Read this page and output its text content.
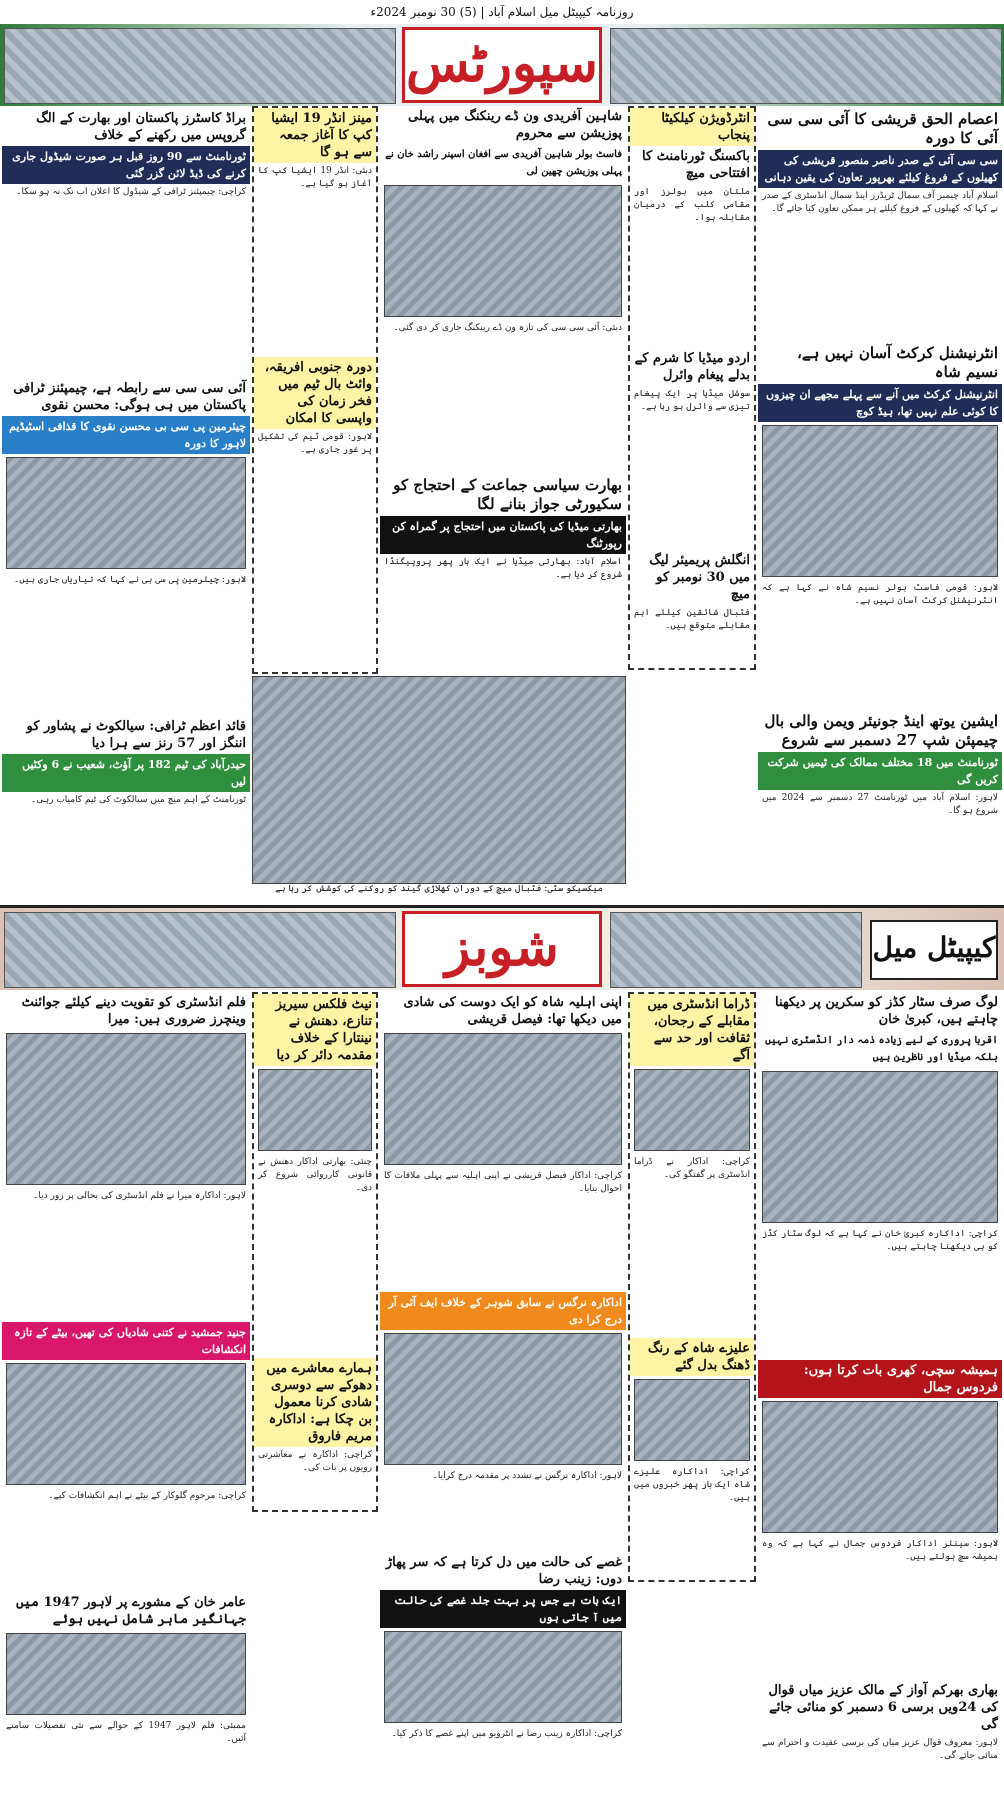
روزنامہ کیپیٹل میل اسلام آباد | (5) 30 نومبر 2024ء
سپورٹس
اعصام الحق قریشی کا آئی سی سی آئی کا دورہ
سی سی آئی کے صدر ناصر منصور قریشی کی کھیلوں کے فروغ کیلئے بھرپور تعاون کی یقین دہانی
اسلام آباد چیمبر آف سمال ٹریڈرز اینڈ سمال انڈسٹری کے صدر نے کہا کہ کھیلوں کے فروغ کیلئے ہر ممکن تعاون کیا جائے گا۔
انٹرنیشنل کرکٹ آسان نہیں ہے، نسیم شاہ
انٹرنیشنل کرکٹ میں آنے سے پہلے مجھے ان چیزوں کا کوئی علم نہیں تھا، ہیڈ کوچ
لاہور: قومی فاسٹ بولر نسیم شاہ نے کہا ہے کہ انٹرنیشنل کرکٹ آسان نہیں ہے۔
ایشین یوتھ اینڈ جونیئر ویمن والی بال چیمپئن شپ 27 دسمبر سے شروع
ٹورنامنٹ میں 18 مختلف ممالک کی ٹیمیں شرکت کریں گی
لاہور: اسلام آباد میں ٹورنامنٹ 27 دسمبر سے 2024 میں شروع ہو گا۔
انٹرڈویژن کیلکیٹا پنجاب
باکسنگ ٹورنامنٹ کا افتتاحی میچ
ملتان میں بولرز اور مقامی کلب کے درمیان مقابلہ ہوا۔
اردو میڈیا کا شرم کے بدلے پیغام وائرل
سوشل میڈیا پر ایک پیغام تیزی سے وائرل ہو رہا ہے۔
انگلش پریمیئر لیگ میں 30 نومبر کو میچ
فٹبال شائقین کیلئے اہم مقابلے متوقع ہیں۔
شاہین آفریدی ون ڈے رینکنگ میں پہلی پوزیشن سے محروم
فاسٹ بولر شاہین آفریدی سے افغان اسپنر راشد خان نے پہلی پوزیشن چھین لی
دبئی: آئی سی سی کی تازہ ون ڈے رینکنگ جاری کر دی گئی۔
بھارت سیاسی جماعت کے احتجاج کو سکیورٹی جواز بنانے لگا
بھارتی میڈیا کی پاکستان میں احتجاج پر گمراہ کن رپورٹنگ
اسلام آباد: بھارتی میڈیا نے ایک بار پھر پروپیگنڈا شروع کر دیا ہے۔
مینز انڈر 19 ایشیا کپ کا آغاز جمعہ سے ہو گا
دبئی: انڈر 19 ایشیا کپ کا آغاز ہو گیا ہے۔
دورہ جنوبی افریقہ، وائٹ بال ٹیم میں فخر زمان کی واپسی کا امکان
لاہور: قومی ٹیم کی تشکیل پر غور جاری ہے۔
براڈ کاسٹرز پاکستان اور بھارت کے الگ گروپس میں رکھنے کے خلاف
ٹورنامنٹ سے 90 روز قبل ہر صورت شیڈول جاری کرنے کی ڈیڈ لائن گزر گئی
کراچی: چیمپئنز ٹرافی کے شیڈول کا اعلان اب تک نہ ہو سکا۔
آئی سی سی سے رابطہ ہے، چیمپئنز ٹرافی پاکستان میں ہی ہوگی: محسن نقوی
چیئرمین پی سی بی محسن نقوی کا قذافی اسٹیڈیم لاہور کا دورہ
لاہور: چیئرمین پی سی بی نے کہا کہ تیاریاں جاری ہیں۔
قائد اعظم ٹرافی: سیالکوٹ نے پشاور کو اننگز اور 57 رنز سے ہرا دیا
حیدرآباد کی ٹیم 182 پر آؤٹ، شعیب نے 6 وکٹیں لیں
ٹورنامنٹ کے اہم میچ میں سیالکوٹ کی ٹیم کامیاب رہی۔
میکسیکو سٹی: فٹبال میچ کے دوران کھلاڑی گیند کو روکنے کی کوشش کر رہا ہے
شوبز	کیپیٹل میل
لوگ صرف سٹار کڈز کو سکرین پر دیکھنا چاہتے ہیں، کبریٰ خان
اقربا پروری کے لیے زیادہ ذمہ دار انڈسٹری نہیں بلکہ میڈیا اور ناظرین ہیں
کراچی: اداکارہ کبریٰ خان نے کہا ہے کہ لوگ سٹار کڈز کو ہی دیکھنا چاہتے ہیں۔
ہمیشہ سچی، کھری بات کرتا ہوں: فردوس جمال
لاہور: سینئر اداکار فردوس جمال نے کہا ہے کہ وہ ہمیشہ سچ بولتے ہیں۔
بھاری بھرکم آواز کے مالک عزیز میاں قوال کی 24ویں برسی 6 دسمبر کو منائی جائے گی
لاہور: معروف قوال عزیز میاں کی برسی عقیدت و احترام سے منائی جائے گی۔
ڈراما انڈسٹری میں مقابلے کے رجحان، ثقافت اور حد سے آگے
کراچی: اداکار نے ڈراما انڈسٹری پر گفتگو کی۔
علیزے شاہ کے رنگ ڈھنگ بدل گئے
کراچی: اداکارہ علیزے شاہ ایک بار پھر خبروں میں ہیں۔
اپنی اہلیہ شاہ کو ایک دوست کی شادی میں دیکھا تھا: فیصل قریشی
کراچی: اداکار فیصل قریشی نے اپنی اہلیہ سے پہلی ملاقات کا احوال بتایا۔
اداکارہ نرگس نے سابق شوہر کے خلاف ایف آئی آر درج کرا دی
لاہور: اداکارہ نرگس نے تشدد پر مقدمہ درج کرایا۔
غصے کی حالت میں دل کرتا ہے کہ سر پھاڑ دوں: زینب رضا
ایک بات ہے جس پر بہت جلد غصے کی حالت میں آ جاتی ہوں
کراچی: اداکارہ زینب رضا نے انٹرویو میں اپنے غصے کا ذکر کیا۔
نیٹ فلکس سیریز تنازع، دھنش نے نینتارا کے خلاف مقدمہ دائر کر دیا
چنئی: بھارتی اداکار دھنش نے قانونی کارروائی شروع کر دی۔
ہمارے معاشرے میں دھوکے سے دوسری شادی کرنا معمول بن چکا ہے: اداکارہ مریم فاروق
کراچی: اداکارہ نے معاشرتی رویوں پر بات کی۔
فلم انڈسٹری کو تقویت دینے کیلئے جوائنٹ وینچرز ضروری ہیں: میرا
لاہور: اداکارہ میرا نے فلم انڈسٹری کی بحالی پر زور دیا۔
جنید جمشید نے کتنی شادیاں کی تھیں، بیٹے کے تازہ انکشافات
کراچی: مرحوم گلوکار کے بیٹے نے اہم انکشافات کیے۔
عامر خان کے مشورے پر لاہور 1947 میں جہانگیر ماہر شامل نہیں ہوئے
ممبئی: فلم لاہور 1947 کے حوالے سے نئی تفصیلات سامنے آئیں۔
